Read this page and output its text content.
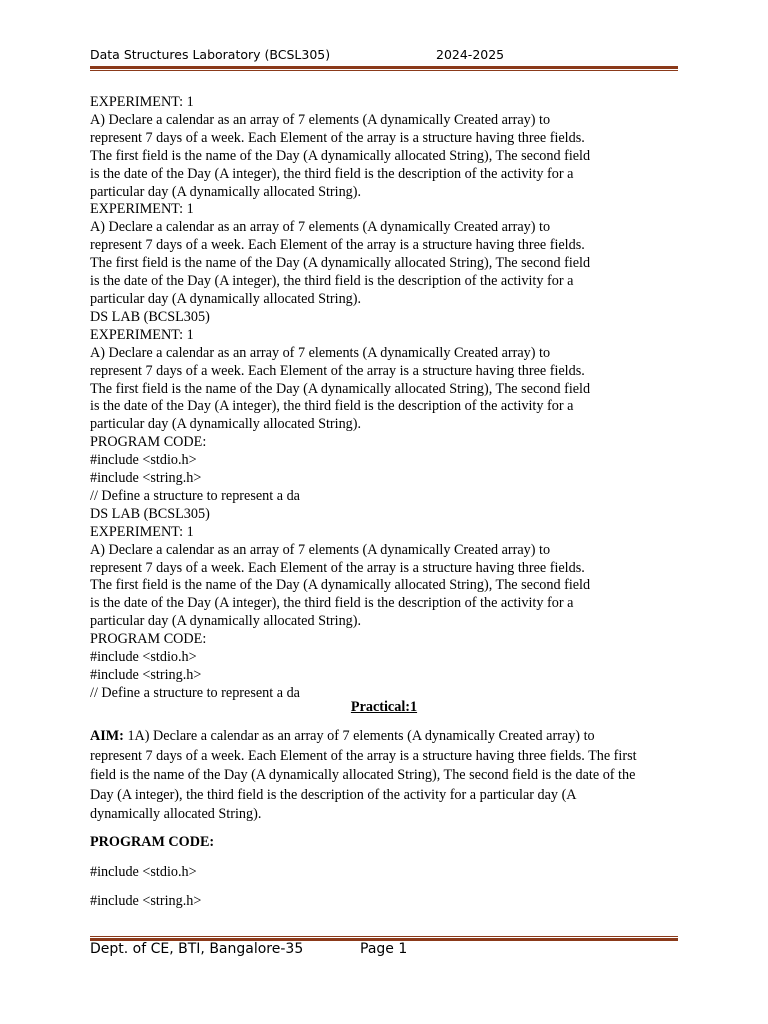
Data Structures Laboratory (BCSL305)	2024-2025

EXPERIMENT: 1

A) Declare a calendar as an array of 7 elements (A dynamically Created array) to

represent 7 days of a week. Each Element of the array is a structure having three fields.

The first field is the name of the Day (A dynamically allocated String), The second field

is the date of the Day (A integer), the third field is the description of the activity for a

particular day (A dynamically allocated String).

EXPERIMENT: 1

A) Declare a calendar as an array of 7 elements (A dynamically Created array) to

represent 7 days of a week. Each Element of the array is a structure having three fields.

The first field is the name of the Day (A dynamically allocated String), The second field

is the date of the Day (A integer), the third field is the description of the activity for a

particular day (A dynamically allocated String).

DS LAB (BCSL305)

EXPERIMENT: 1

A) Declare a calendar as an array of 7 elements (A dynamically Created array) to

represent 7 days of a week. Each Element of the array is a structure having three fields.

The first field is the name of the Day (A dynamically allocated String), The second field

is the date of the Day (A integer), the third field is the description of the activity for a

particular day (A dynamically allocated String).

PROGRAM CODE:

#include <stdio.h>

#include <string.h>

// Define a structure to represent a da

DS LAB (BCSL305)

EXPERIMENT: 1

A) Declare a calendar as an array of 7 elements (A dynamically Created array) to

represent 7 days of a week. Each Element of the array is a structure having three fields.

The first field is the name of the Day (A dynamically allocated String), The second field

is the date of the Day (A integer), the third field is the description of the activity for a

particular day (A dynamically allocated String).

PROGRAM CODE:

#include <stdio.h>

#include <string.h>

// Define a structure to represent a da

Practical:1

AIM: 1A) Declare a calendar as an array of 7 elements (A dynamically Created array) to

represent 7 days of a week. Each Element of the array is a structure having three fields. The first

field is the name of the Day (A dynamically allocated String), The second field is the date of the

Day (A integer), the third field is the description of the activity for a particular day (A

dynamically allocated String).

PROGRAM CODE:
#include <stdio.h>
#include <string.h>
Dept. of CE, BTI, Bangalore-35	Page 1
